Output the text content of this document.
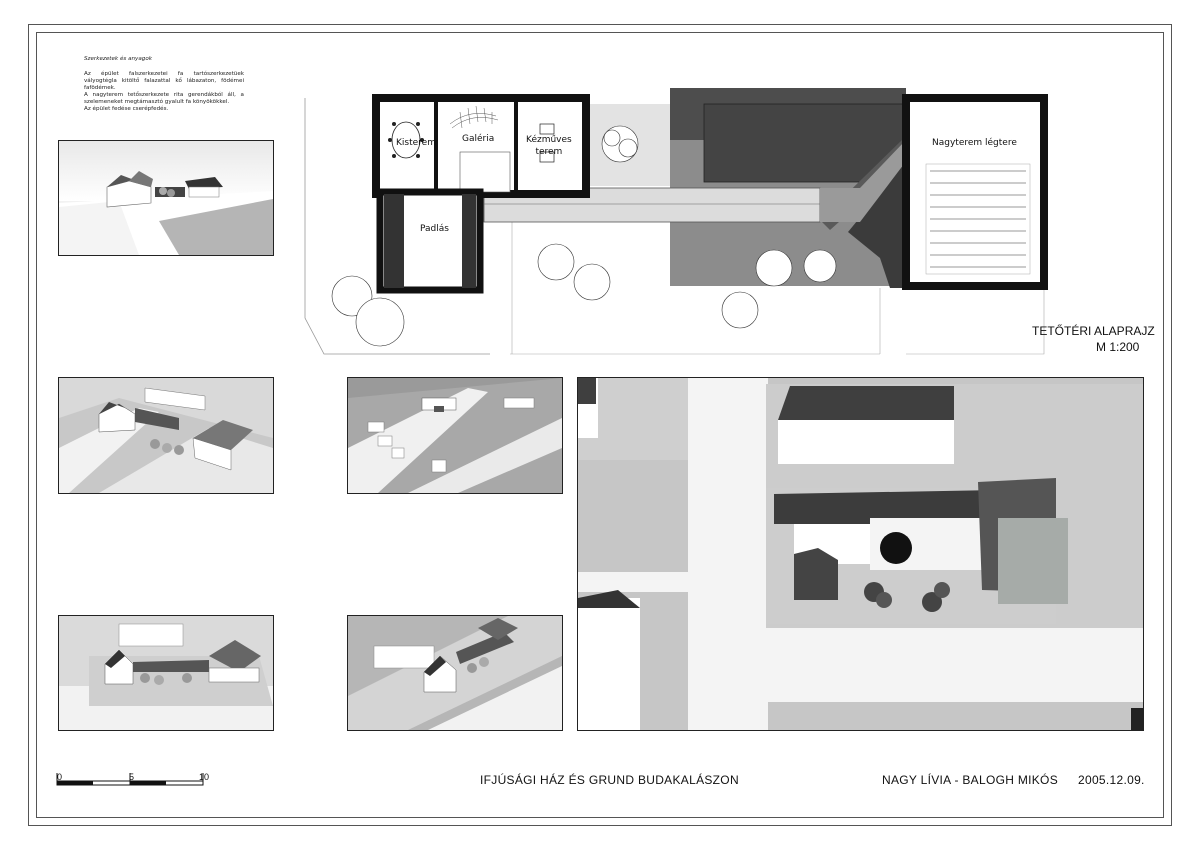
Szerkezetek és anyagok
Az épület falszerkezetei fa tartószerkezetüek vályogtégla kitöltő falazattal kő lábazaton, födémei fafödémek.
A nagyterem tetőszerkezete rita gerendákból áll, a szelemeneket megtámasztó gyalult fa könyökökkel.
Az épület fedése cserépfedés.
Kisterem	Galéria	Kézműves
terem
Padlás
Nagyterem légtere
TETŐTÉRI ALAPRAJZ
M 1:200
0	5	10	IFJÚSÁGI HÁZ ÉS GRUND BUDAKALÁSZON	NAGY LÍVIA - BALOGH MIKÓS 2005.12.09.
